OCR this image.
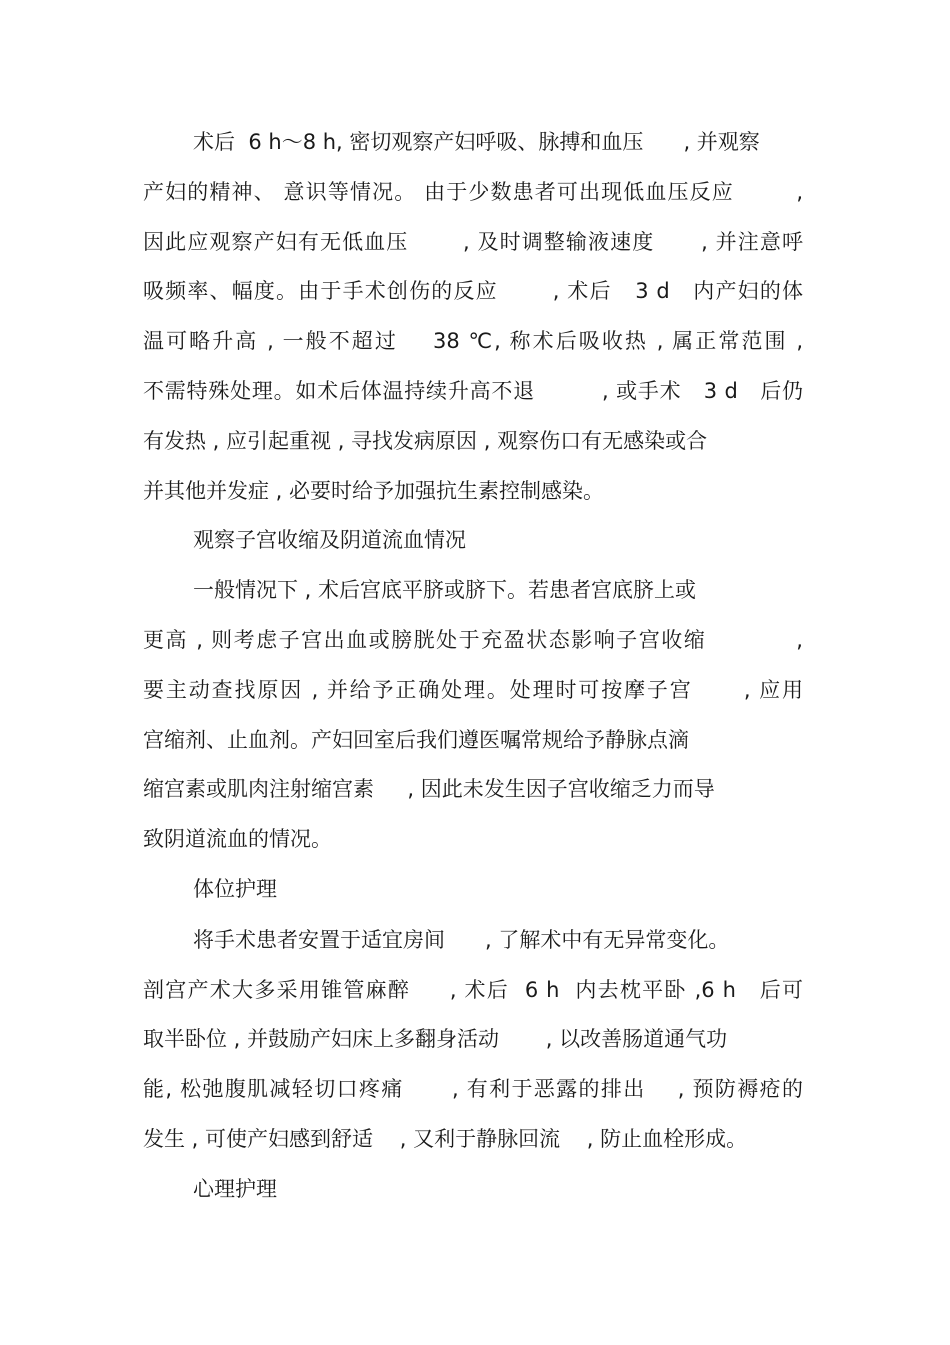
术后  6 h～8 h, 密切观察产妇呼吸、脉搏和血压      , 并观察
产妇的精神、 意识等情况。 由于少数患者可出现低血压反应        ,
因此应观察产妇有无低血压       , 及时调整输液速度      , 并注意呼
吸频率、幅度。由于手术创伤的反应       , 术后   3 d   内产妇的体
温可略升高 , 一般不超过    38 ℃, 称术后吸收热 , 属正常范围 ,
不需特殊处理。如术后体温持续升高不退         , 或手术   3 d   后仍
有发热 , 应引起重视 , 寻找发病原因 , 观察伤口有无感染或合
并其他并发症 , 必要时给予加强抗生素控制感染。
观察子宫收缩及阴道流血情况
一般情况下 , 术后宫底平脐或脐下。若患者宫底脐上或
更高 , 则考虑子宫出血或膀胱处于充盈状态影响子宫收缩           ,
要主动查找原因 , 并给予正确处理。处理时可按摩子宫      , 应用
宫缩剂、止血剂。产妇回室后我们遵医嘱常规给予静脉点滴
缩宫素或肌肉注射缩宫素     , 因此未发生因子宫收缩乏力而导
致阴道流血的情况。
体位护理
将手术患者安置于适宜房间      , 了解术中有无异常变化。
剖宫产术大多采用锥管麻醉     , 术后  6 h  内去枕平卧 ,6 h   后可
取半卧位 , 并鼓励产妇床上多翻身活动       , 以改善肠道通气功
能, 松弛腹肌减轻切口疼痛      , 有利于恶露的排出    , 预防褥疮的
发生 , 可使产妇感到舒适    , 又利于静脉回流    , 防止血栓形成。
心理护理
